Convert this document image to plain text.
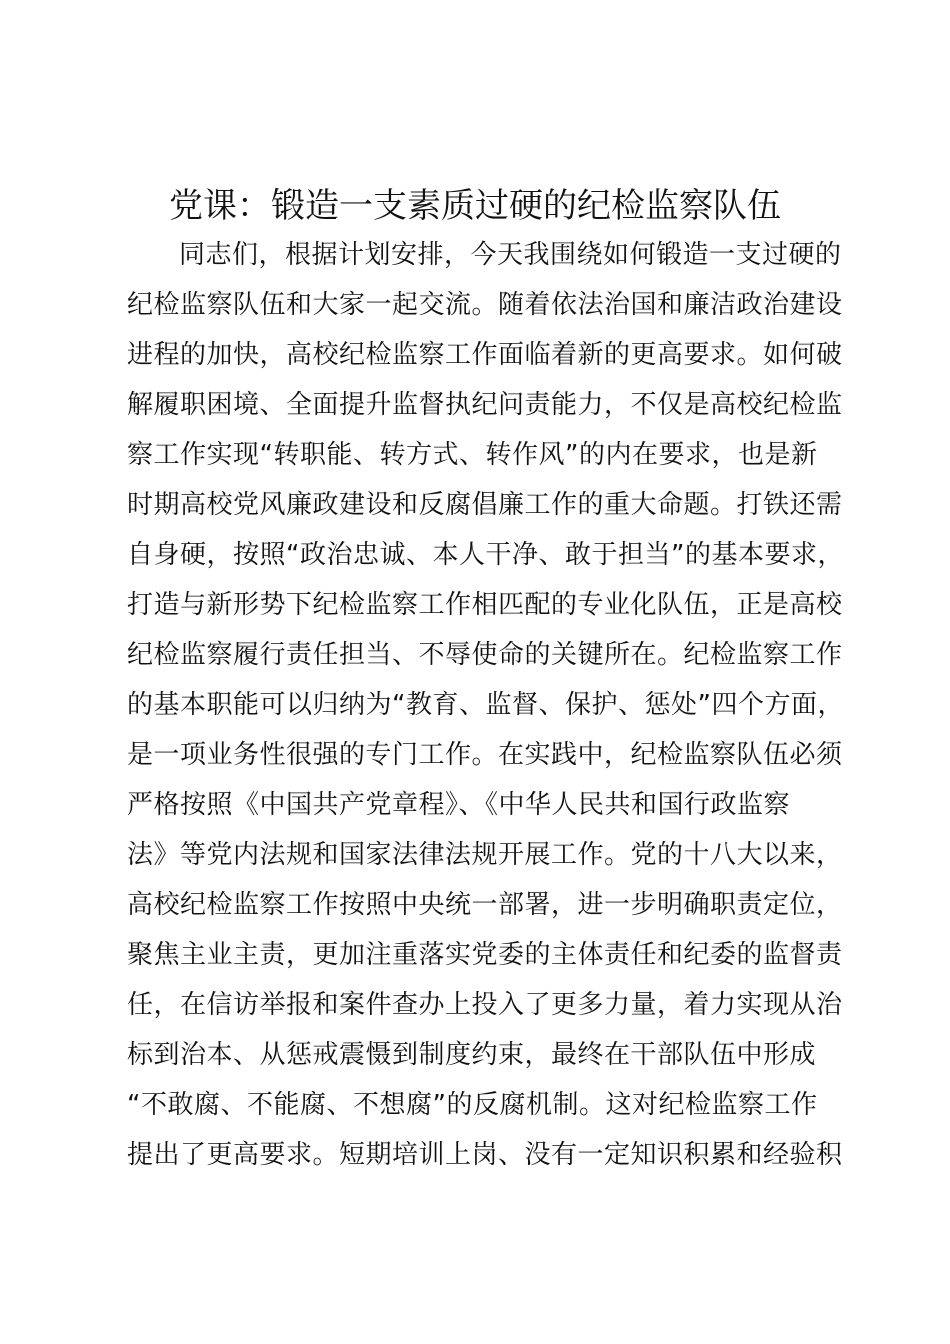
党课：锻造一支素质过硬的纪检监察队伍
同志们，根据计划安排，今天我围绕如何锻造一支过硬的
纪检监察队伍和大家一起交流。随着依法治国和廉洁政治建设
进程的加快，高校纪检监察工作面临着新的更高要求。如何破
解履职困境、全面提升监督执纪问责能力，不仅是高校纪检监
察工作实现“转职能、转方式、转作风”的内在要求，也是新
时期高校党风廉政建设和反腐倡廉工作的重大命题。打铁还需
自身硬，按照“政治忠诚、本人干净、敢于担当”的基本要求，
打造与新形势下纪检监察工作相匹配的专业化队伍，正是高校
纪检监察履行责任担当、不辱使命的关键所在。纪检监察工作
的基本职能可以归纳为“教育、监督、保护、惩处”四个方面，
是一项业务性很强的专门工作。在实践中，纪检监察队伍必须
严格按照《中国共产党章程》、《中华人民共和国行政监察
法》等党内法规和国家法律法规开展工作。党的十八大以来，
高校纪检监察工作按照中央统一部署，进一步明确职责定位，
聚焦主业主责，更加注重落实党委的主体责任和纪委的监督责
任，在信访举报和案件查办上投入了更多力量，着力实现从治
标到治本、从惩戒震慑到制度约束，最终在干部队伍中形成
“不敢腐、不能腐、不想腐”的反腐机制。这对纪检监察工作
提出了更高要求。短期培训上岗、没有一定知识积累和经验积
